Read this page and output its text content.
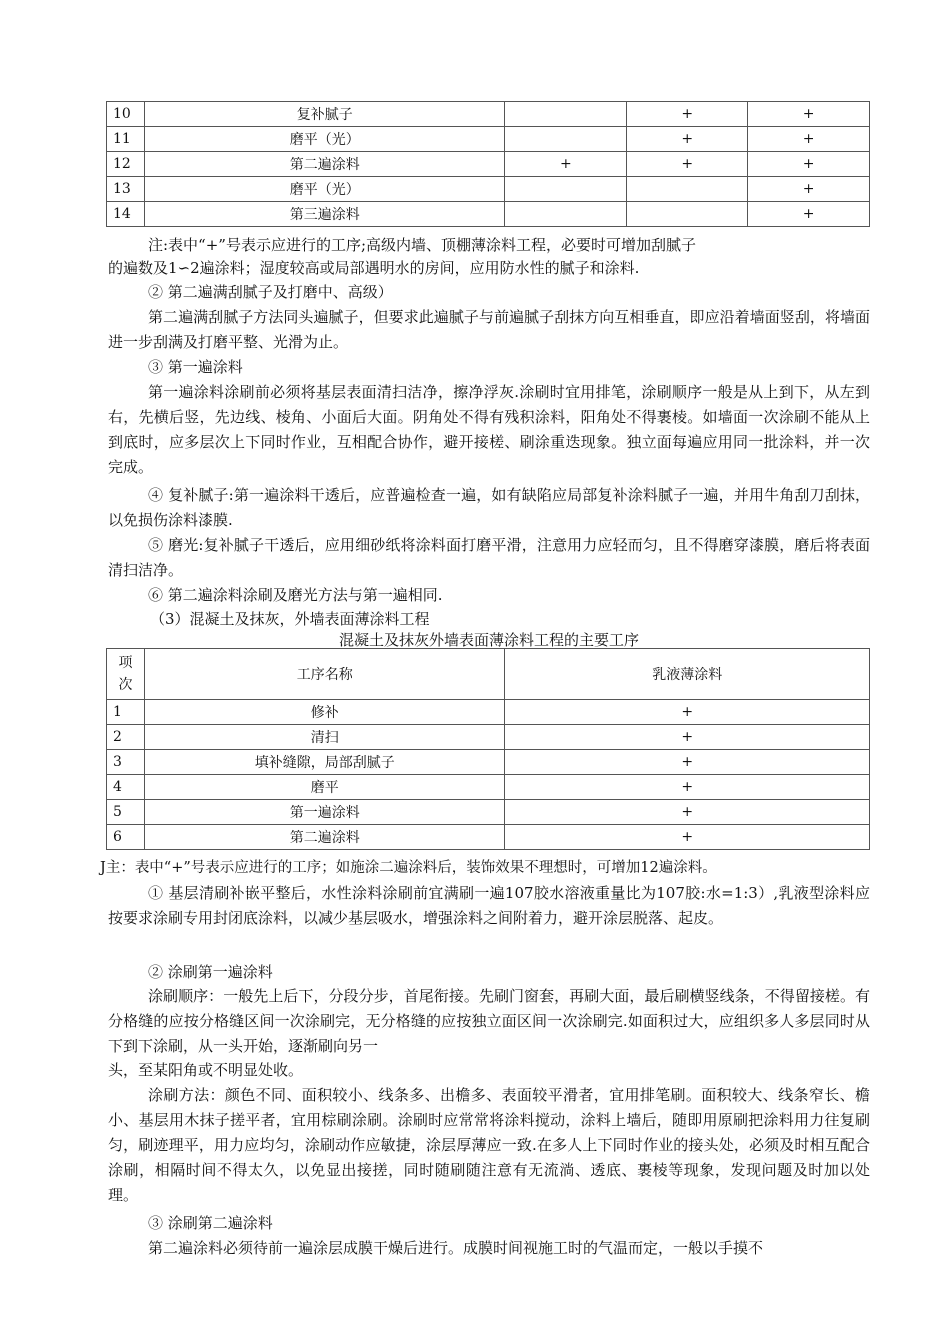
10	复补腻子		+	+
11	磨平（光）		+	+
12	第二遍涂料	+	+	+
13	磨平（光）			+
14	第三遍涂料			+
注:表中“+”号表示应进行的工序;高级内墙、顶棚薄涂料工程，必要时可增加刮腻子
的遍数及1∽2遍涂料；湿度较高或局部遇明水的房间，应用防水性的腻子和涂料.
② 第二遍满刮腻子及打磨中、高级）
第二遍满刮腻子方法同头遍腻子，但要求此遍腻子与前遍腻子刮抹方向互相垂直，即应沿着墙面竖刮，将墙面进一步刮满及打磨平整、光滑为止。
③ 第一遍涂料
第一遍涂料涂刷前必须将基层表面清扫洁净，擦净浮灰.涂刷时宜用排笔，涂刷顺序一般是从上到下，从左到右，先横后竖，先边线、棱角、小面后大面。阴角处不得有残积涂料，阳角处不得裹棱。如墙面一次涂刷不能从上到底时，应多层次上下同时作业，互相配合协作，避开接槎、刷涂重迭现象。独立面每遍应用同一批涂料，并一次完成。
④ 复补腻子:第一遍涂料干透后，应普遍检查一遍，如有缺陷应局部复补涂料腻子一遍，并用牛角刮刀刮抹，以免损伤涂料漆膜.
⑤ 磨光:复补腻子干透后，应用细砂纸将涂料面打磨平滑，注意用力应轻而匀，且不得磨穿漆膜，磨后将表面清扫洁净。
⑥ 第二遍涂料涂刷及磨光方法与第一遍相同.
（3）混凝土及抹灰，外墙表面薄涂料工程
混凝土及抹灰外墙表面薄涂料工程的主要工序
项
次	工序名称	乳液薄涂料
1	修补	+
2	清扫	+
3	填补缝隙，局部刮腻子	+
4	磨平	+
5	第一遍涂料	+
6	第二遍涂料	+
J主：表中“+”号表示应进行的工序；如施涂二遍涂料后，装饰效果不理想时，可增加12遍涂料。
① 基层清刷补嵌平整后，水性涂料涂刷前宜满刷一遍107胶水溶液重量比为107胶:水=1:3）,乳液型涂料应按要求涂刷专用封闭底涂料，以减少基层吸水，增强涂料之间附着力，避开涂层脱落、起皮。
② 涂刷第一遍涂料
涂刷顺序：一般先上后下，分段分步，首尾衔接。先刷门窗套，再刷大面，最后刷横竖线条，不得留接槎。有分格缝的应按分格缝区间一次涂刷完，无分格缝的应按独立面区间一次涂刷完.如面积过大，应组织多人多层同时从下到下涂刷，从一头开始，逐渐刷向另一
头，至某阳角或不明显处收。
涂刷方法：颜色不同、面积较小、线条多、出檐多、表面较平滑者，宜用排笔刷。面积较大、线条窄长、檐小、基层用木抹子搓平者，宜用棕刷涂刷。涂刷时应常常将涂料搅动，涂料上墙后，随即用原刷把涂料用力往复刷匀，刷迹理平，用力应均匀，涂刷动作应敏捷，涂层厚薄应一致.在多人上下同时作业的接头处，必须及时相互配合涂刷，相隔时间不得太久，以免显出接搓，同时随刷随注意有无流淌、透底、裹棱等现象，发现问题及时加以处理。
③ 涂刷第二遍涂料
第二遍涂料必须待前一遍涂层成膜干燥后进行。成膜时间视施工时的气温而定，一般以手摸不
